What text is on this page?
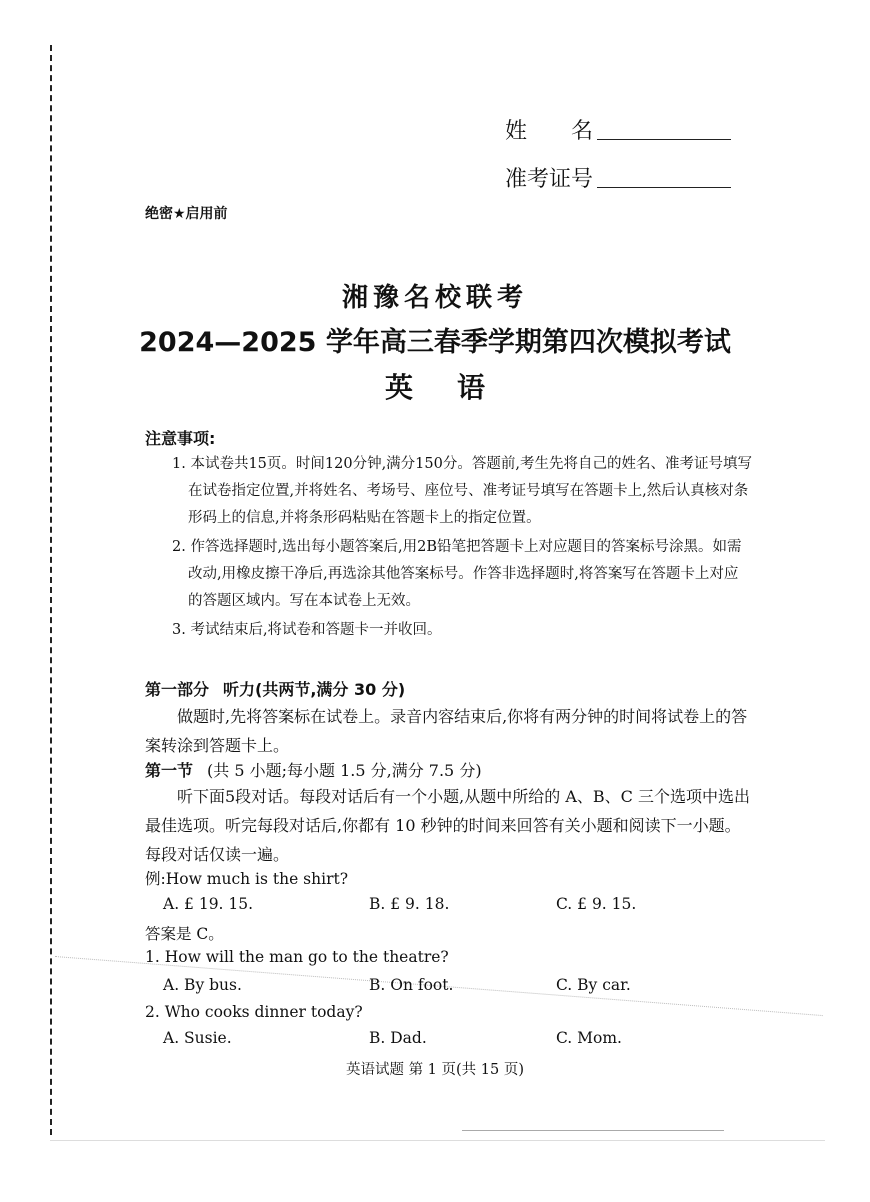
姓名
准考证号
绝密★启用前
湘豫名校联考
2024—2025 学年高三春季学期第四次模拟考试
英语
注意事项:
1. 本试卷共15页。时间120分钟,满分150分。答题前,考生先将自己的姓名、准考证号填写在试卷指定位置,并将姓名、考场号、座位号、准考证号填写在答题卡上,然后认真核对条形码上的信息,并将条形码粘贴在答题卡上的指定位置。
2. 作答选择题时,选出每小题答案后,用2B铅笔把答题卡上对应题目的答案标号涂黑。如需改动,用橡皮擦干净后,再选涂其他答案标号。作答非选择题时,将答案写在答题卡上对应的答题区域内。写在本试卷上无效。
3. 考试结束后,将试卷和答题卡一并收回。
第一部分 听力(共两节,满分 30 分)
做题时,先将答案标在试卷上。录音内容结束后,你将有两分钟的时间将试卷上的答案转涂到答题卡上。
第一节 (共 5 小题;每小题 1.5 分,满分 7.5 分)
听下面5段对话。每段对话后有一个小题,从题中所给的 A、B、C 三个选项中选出最佳选项。听完每段对话后,你都有 10 秒钟的时间来回答有关小题和阅读下一小题。每段对话仅读一遍。
例:How much is the shirt?
A. £ 19. 15.	B. £ 9. 18.	C. £ 9. 15.
答案是 C。
1. How will the man go to the theatre?
A. By bus.	B. On foot.	C. By car.
2. Who cooks dinner today?
A. Susie.	B. Dad.	C. Mom.
英语试题 第 1 页(共 15 页)
